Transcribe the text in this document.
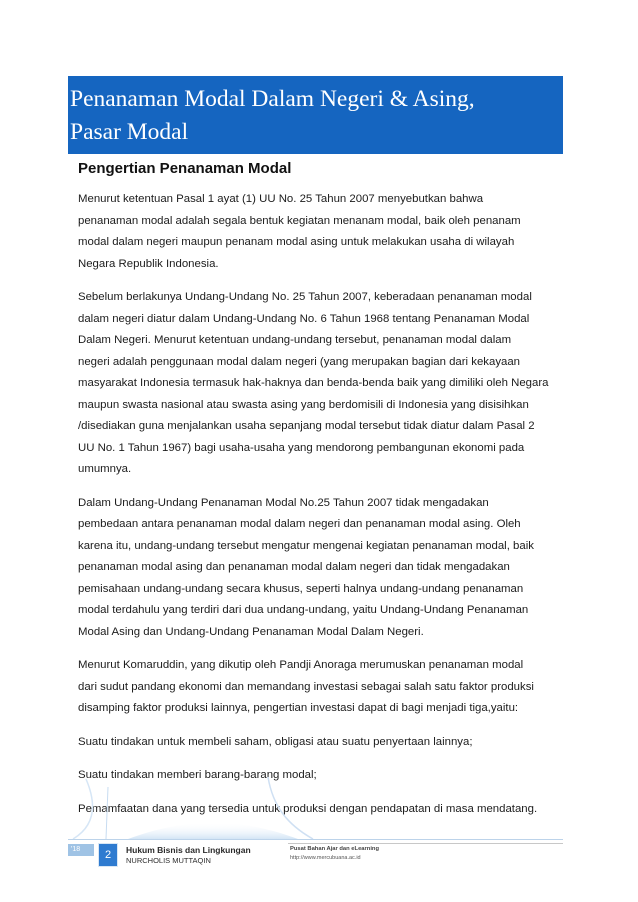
Penanaman Modal Dalam Negeri & Asing,
Pasar Modal
Pengertian Penanaman Modal
Menurut ketentuan Pasal 1 ayat (1) UU No. 25 Tahun 2007 menyebutkan bahwa
penanaman modal adalah segala bentuk kegiatan menanam modal, baik oleh penanam
modal dalam negeri maupun penanam modal asing untuk melakukan usaha di wilayah
Negara Republik Indonesia.
Sebelum berlakunya Undang-Undang No. 25 Tahun 2007, keberadaan penanaman modal
dalam negeri diatur dalam Undang-Undang No. 6 Tahun 1968 tentang Penanaman Modal
Dalam Negeri. Menurut ketentuan undang-undang tersebut, penanaman modal dalam
negeri adalah penggunaan modal dalam negeri (yang merupakan bagian dari kekayaan
masyarakat Indonesia termasuk hak-haknya dan benda-benda baik yang dimiliki oleh Negara
maupun swasta nasional atau swasta asing yang berdomisili di Indonesia yang disisihkan
/disediakan guna menjalankan usaha sepanjang modal tersebut tidak diatur dalam Pasal 2
UU No. 1 Tahun 1967) bagi usaha-usaha yang mendorong pembangunan ekonomi pada
umumnya.
Dalam Undang-Undang Penanaman Modal No.25 Tahun 2007 tidak mengadakan
pembedaan antara penanaman modal dalam negeri dan penanaman modal asing. Oleh
karena itu, undang-undang tersebut mengatur mengenai kegiatan penanaman modal, baik
penanaman modal asing dan penanaman modal dalam negeri dan tidak mengadakan
pemisahaan undang-undang secara khusus, seperti halnya undang-undang penanaman
modal terdahulu yang terdiri dari dua undang-undang, yaitu Undang-Undang Penanaman
Modal Asing dan Undang-Undang Penanaman Modal Dalam Negeri.
Menurut Komaruddin, yang dikutip oleh Pandji Anoraga merumuskan penanaman modal
dari sudut pandang ekonomi dan memandang investasi sebagai salah satu faktor produksi
disamping faktor produksi lainnya, pengertian investasi dapat di bagi menjadi tiga,yaitu:
Suatu tindakan untuk membeli saham, obligasi atau suatu penyertaan lainnya;
Suatu tindakan memberi barang-barang modal;
Pemamfaatan dana yang tersedia untuk produksi dengan pendapatan di masa mendatang.
'18	2	Hukum Bisnis dan Lingkungan
NURCHOLIS MUTTAQIN
Pusat Bahan Ajar dan eLearning
http://www.mercubuana.ac.id
